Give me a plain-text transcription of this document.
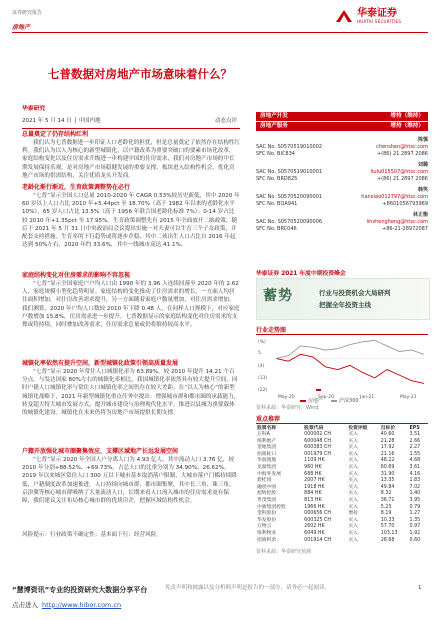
证券研究报告
房地产
华泰证券
HUATAI SECURITIES
七普数据对房地产市场意味着什么？
华泰研究
2021 年 5 月 14 日 │ 中国内地	动态点评

总量奠定了仍存结构红利

我们认为七普数据进一步印证人口老龄化的担忧，但是总量奠定了依然存在结构性红利。我们认为以人为核心的新型城镇化，以户籍改革为重要突破口的要素市场化改革，家庭结构变化以及住房需求升级进一步构建中国的住房需求，我们对房地产市场的中长期发展保持乐观，是对房地产市场稳健发展的重要支撑，板块进入结构性机会，优化房地产市场的供需结构，关注优质龙头开发商。

老龄化渐行渐近，生育政策调整势在必行

“七普”显示全国人口总量 2010-2020 年 CAGR 0.53%较历史新低，其中 2020 年 60 岁以上人口占比 2010 年+5.44pct 至 18.70%（高于 1982 年以来的老龄化水平 10%），65 岁人口占比 13.5%（高于 1956 年联合国老龄化标准 7%）；0-14 岁占比较 2010 年+1.35pct 至 17.95%。生育政策调整先有 2015 年全面放开二胎政策，随后于 2021 年 5 月 31 日中央政治局会议提出实施一对夫妻可以生育三个子女政策，并配套支持措施。生育率的下行趋势或将逐步企稳，其中二孩出生人口占比自 2016 年起达到 50%左右，2020 年约 33.6%，其中一线城市高达 41.1%。

家庭结构变化对住房需求的影响不容忽视

“七普”显示全国家庭户户均人口由 1990 年的 3.96 人连续回落至 2020 年的 2.62 人，家庭规模小型化趋势明显。家庭结构的变化推动了住房需求的增长，一方面人均居住面积增加，对住房改善需求提升，另一方面随着家庭户数量增加，对住房需求增加。我们测算，2020 年户均人口数较 2010 年下降 0.48 人，在同样人口规模下，对应家庭户数增加 15.8%，住房需求进一步提升。七普数据显示的家庭结构变化对住房需求的支撑或将持续，同时叠加改善需求，住房需求总量或仍将维持较高水平。

城镇化率依然有提升空间，新型城镇化政策引领高质量发展

“七普”显示 2020 年常住人口城镇化率为 63.89%，较 2010 年提升 14.21 个百分点。与发达国家 80%左右的城镇化率相比，我国城镇化率依然具有较大提升空间，同时户籍人口城镇化率与常住人口城镇化率之间仍存在较大差距。在“以人为核心”的新型城镇化战略下，2021 年新型城镇化重点任务中提出：增强城市群和都市圈的承载能力，转变超大特大城市发展方式，提升城市建设与治理现代化水平，推进以县城为重要载体的城镇化建设。城镇化在未来仍将为房地产市场提供长期支撑。

户籍开放强化城市圈聚集效应，支撑区域地产长远发展空间

“七普”显示 2020 年全国人户分离人口为 4.93 亿人，其中流动人口 3.76 亿，较 2010 年分别+88.52%、+69.73%，占总人口的比重分别为 34.90%、26.62%。2019 年以来城区常住人口 300 万以下城市基本取消落户限制，大城市落户门槛持续降低，户籍制度改革加速推进。人口持续向城市群、都市圈集聚，其中长三角、珠三角、京津冀等核心城市群吸纳了大量流动人口，长期来看人口流入城市的住房需求更有保障，我们建议关注布局核心城市群的优质房企，把握区域结构性机会。

风险提示：行业政策不确定性；基本面下行；经营风险。

房地产开发	增持（维持）
房地产服务	增持（维持）
陈慎
SAC No. S0570519010002	chenshen@htsc.com
SFC No. BIC834	+(86) 21 2897 2086
刘璐
SAC No. S0570519010001	liulu015507@htsc.com
SFC No. BRD825	+(86) 21 2897 2086
韩笑
SAC No. S0570520090001	hanxiao012797@htsc.com
SFC No. BQA941	+8601056793969
林正衡
SAC No. S0570520090006	linzhengheng@htsc.com
SFC No. BRC046	+86-21-28972087
华泰证券 2021 年度中期投资峰会
蓄势	行业与投资机会大局研判
把握全年投资主线
行业走势图
(%)
5
(4)
(13)
(22)
May-20	Sep-20	Jan-21	May-21
房地产	沪深300
资料来源：华泰研究，Wind
重点推荐
股票名称	股票代码	投资评级	目标价	EPS
万科A	000002 CH	买入	40.60	3.51
保利地产	600048 CH	买入	21.28	2.66
金地集团	600383 CH	买入	17.92	2.27
招商蛇口	001979 CH	买入	21.16	1.55
华润置地	1109 HK	买入	48.22	4.68
龙湖集团	960 HK	买入	60.69	3.61
中海外发展	688 HK	买入	31.90	4.16
碧桂园	2007 HK	买入	13.35	1.83
融创中国	1918 HK	买入	49.84	7.02
旭辉控股	884 HK	买入	8.32	1.40
世茂集团	813 HK	买入	36.71	3.95
中骏集团控股	1966 HK	买入	5.23	0.79
金科股份	000656 CH	增持	8.19	1.27
华发股份	600325 CH	买入	10.33	1.35
万物云	2602 HK	买入	57.70	0.97
保利物业	6049 HK	买入	103.13	1.92
招商积余	001914 CH	买入	28.68	0.60
资料来源：华泰研究预测
“慧博资讯”专业的投资研究大数据分享平台	免责声明和披露以及分析师声明是报告的一部分，请务必一起阅读。	1
点击进入 http://www.hibor.com.cn
